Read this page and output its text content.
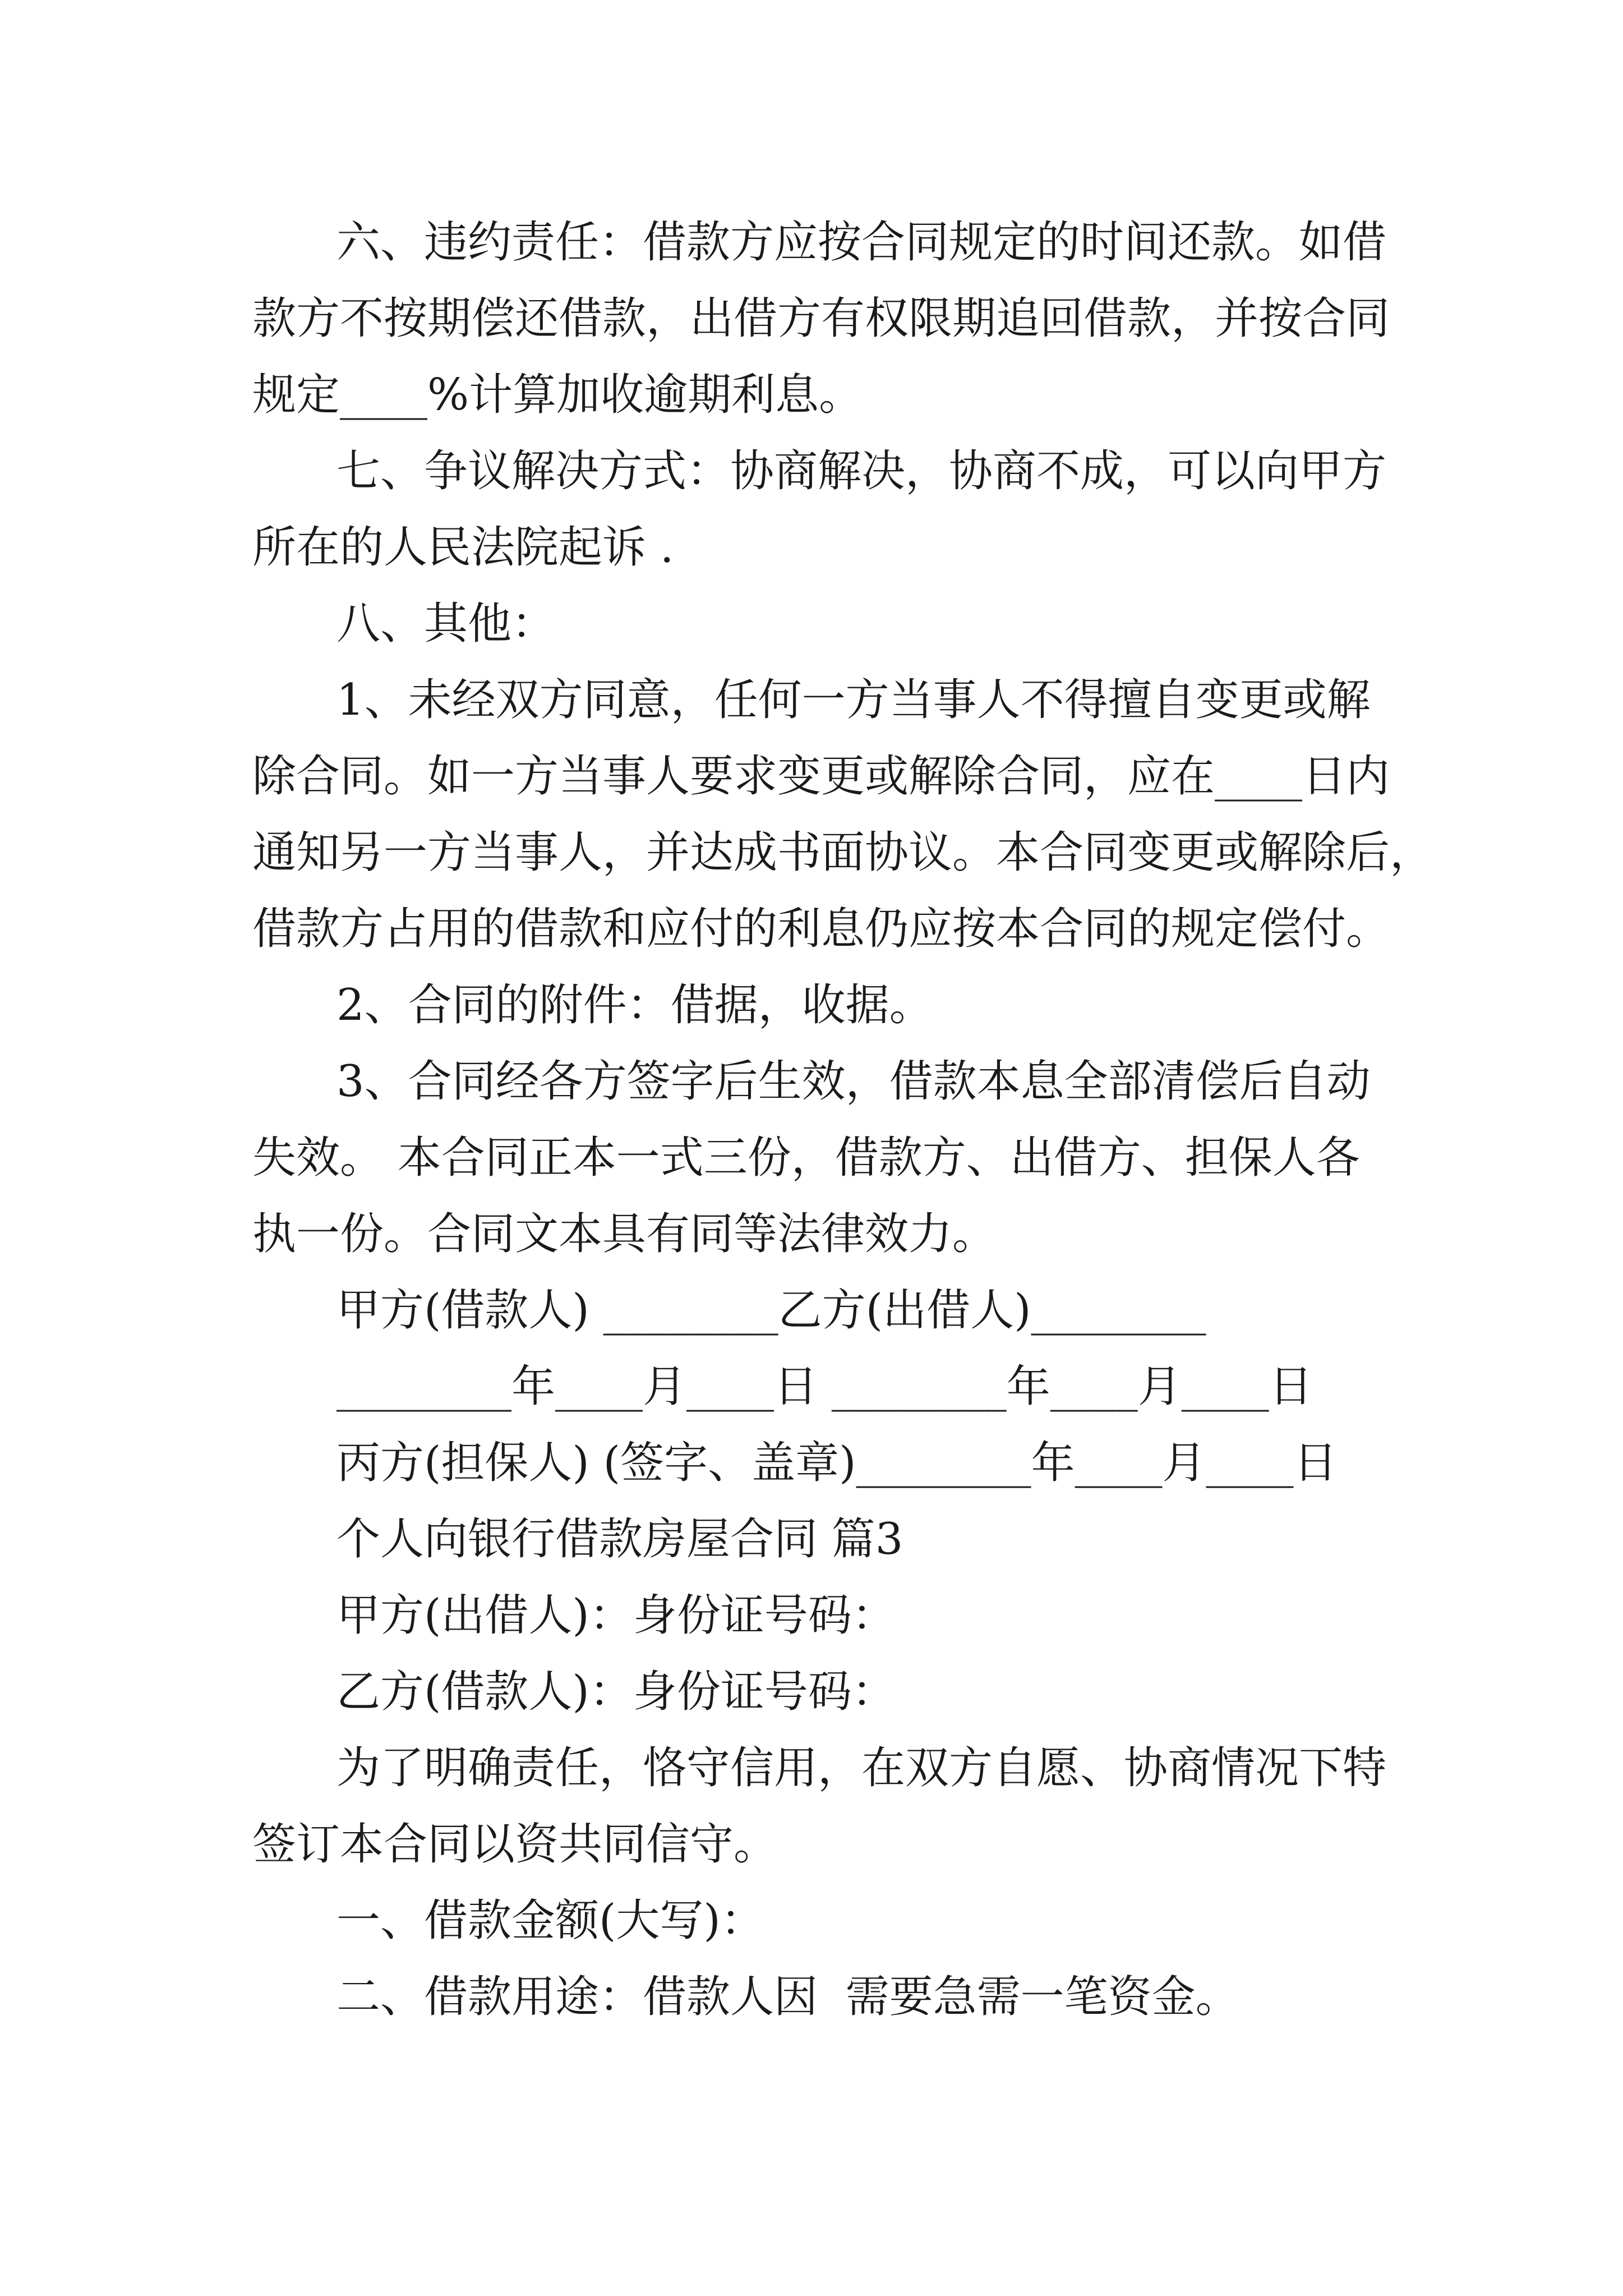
六、违约责任：借款方应按合同规定的时间还款。如借
款方不按期偿还借款，出借方有权限期追回借款，并按合同
规定____%计算加收逾期利息。
七、争议解决方式：协商解决，协商不成，可以向甲方
所在的人民法院起诉 .
八、其他：
1、未经双方同意，任何一方当事人不得擅自变更或解
除合同。如一方当事人要求变更或解除合同，应在____日内
通知另一方当事人，并达成书面协议。本合同变更或解除后，
借款方占用的借款和应付的利息仍应按本合同的规定偿付。
2、合同的附件：借据，收据。
3、合同经各方签字后生效，借款本息全部清偿后自动
失效。 本合同正本一式三份，借款方、出借方、担保人各
执一份。合同文本具有同等法律效力。
甲方(借款人) ________乙方(出借人)________
________年____月____日 ________年____月____日
丙方(担保人) (签字、盖章)________年____月____日
个人向银行借款房屋合同 篇3
甲方(出借人)：身份证号码：
乙方(借款人)：身份证号码：
为了明确责任，恪守信用，在双方自愿、协商情况下特
签订本合同以资共同信守。
一、借款金额(大写)：
二、借款用途：借款人因  需要急需一笔资金。
